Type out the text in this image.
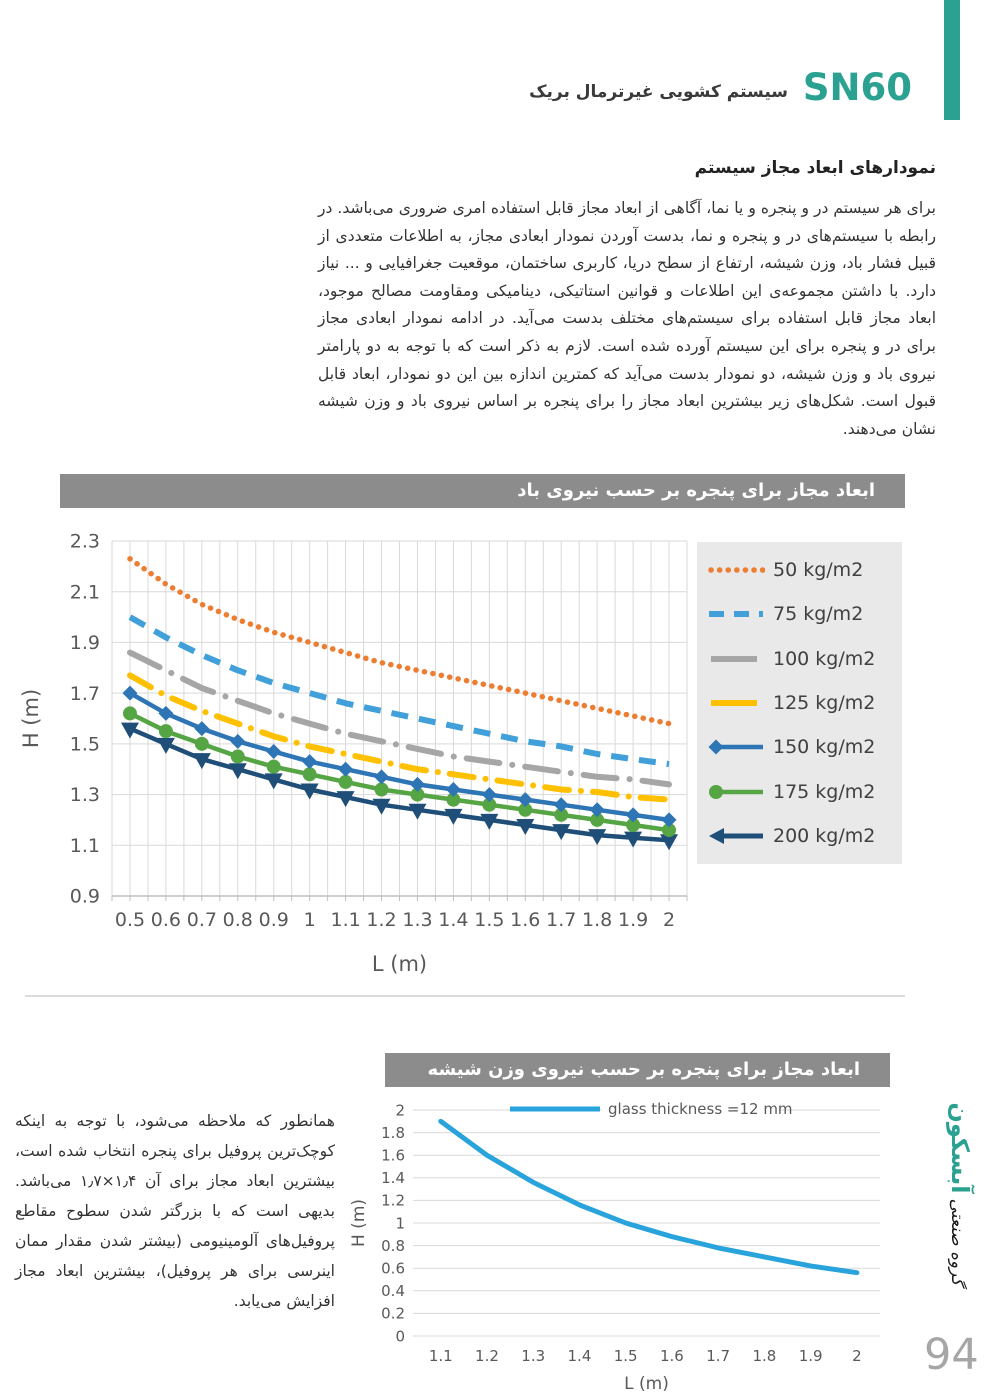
SN60
سیستم کشویی غیرترمال بریک
نمودارهای ابعاد مجاز سیستم
برای هر سیستم در و پنجره و یا نما، آگاهی از ابعاد مجاز قابل استفاده امری ضروری می‌باشد. در رابطه با سیستم‌های در و پنجره و نما، بدست آوردن نمودار ابعادی مجاز، به اطلاعات متعددی از قبیل فشار باد، وزن شیشه، ارتفاع از سطح دریا، کاربری ساختمان، موقعیت جغرافیایی و ... نیاز دارد. با داشتن مجموعه‌ی این اطلاعات و قوانین استاتیکی، دینامیکی ومقاومت مصالح موجود، ابعاد مجاز قابل استفاده برای سیستم‌های مختلف بدست می‌آید. در ادامه نمودار ابعادی مجاز برای در و پنجره برای این سیستم آورده شده است. لازم به ذکر است که با توجه به دو پارامتر نیروی باد و وزن شیشه، دو نمودار بدست می‌آید که کمترین اندازه بین این دو نمودار، ابعاد قابل قبول است. شکل‌های زیر بیشترین ابعاد مجاز را برای پنجره بر اساس نیروی باد و وزن شیشه نشان می‌دهند.
ابعاد مجاز برای پنجره بر حسب نیروی باد
0.9
1.1
1.3
1.5
1.7
1.9
2.1
2.3
0.5 0.6 0.7 0.8 0.9 1 1.1 1.2 1.3 1.4 1.5 1.6 1.7 1.8 1.9 2
L (m)
H (m)
50 kg/m2
75 kg/m2
100 kg/m2
125 kg/m2
150 kg/m2
175 kg/m2
200 kg/m2
ابعاد مجاز برای پنجره بر حسب نیروی وزن شیشه
همانطور که ملاحظه می‌شود، با توجه به اینکه کوچک‌ترین پروفیل برای پنجره انتخاب شده است، بیشترین ابعاد مجاز برای آن ۱٫۴×۱٫۷ می‌باشد. بدیهی است که با بزرگتر شدن سطوح مقاطع پروفیل‌های آلومینیومی (بیشتر شدن مقدار ممان اینرسی برای هر پروفیل)، بیشترین ابعاد مجاز افزایش می‌یابد.
glass thickness =12 mm
0
0.2
0.4
0.6
0.8
1
1.2
1.4
1.6
1.8
2
1.1 1.2 1.3 1.4 1.5 1.6 1.7 1.8 1.9 2
L (m)
H (m)	گروه صنعتی آبسکون
94
